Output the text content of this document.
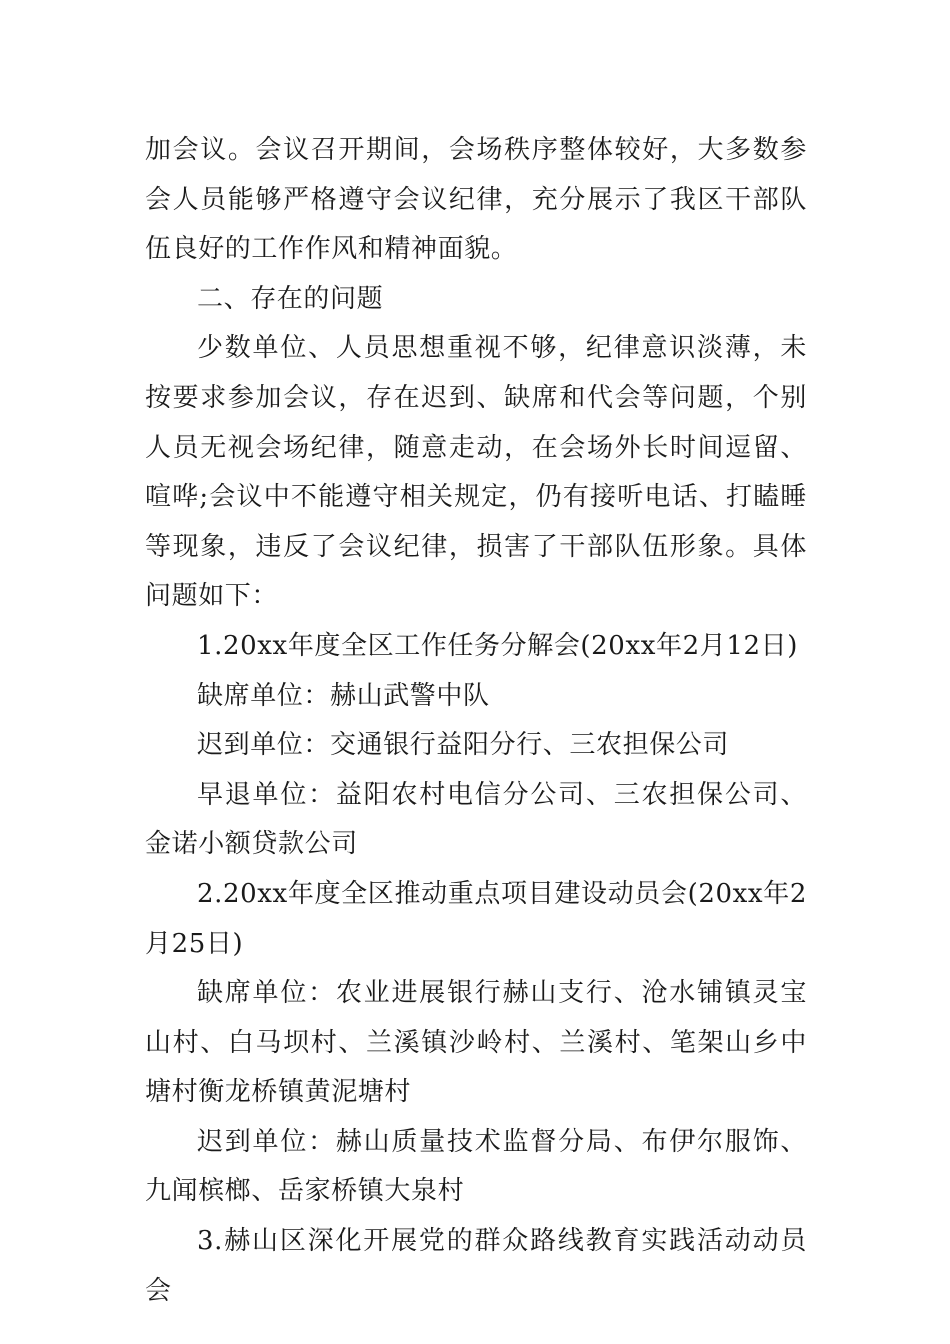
加会议。会议召开期间，会场秩序整体较好，大多数参会人员能够严格遵守会议纪律，充分展示了我区干部队伍良好的工作作风和精神面貌。

二、存在的问题

少数单位、人员思想重视不够，纪律意识淡薄，未按要求参加会议，存在迟到、缺席和代会等问题，个别人员无视会场纪律，随意走动，在会场外长时间逗留、喧哗;会议中不能遵守相关规定，仍有接听电话、打瞌睡等现象，违反了会议纪律，损害了干部队伍形象。具体问题如下：

1.20xx年度全区工作任务分解会(20xx年2月12日)

缺席单位：赫山武警中队

迟到单位：交通银行益阳分行、三农担保公司

早退单位：益阳农村电信分公司、三农担保公司、金诺小额贷款公司

2.20xx年度全区推动重点项目建设动员会(20xx年2月25日)

缺席单位：农业进展银行赫山支行、沧水铺镇灵宝山村、白马坝村、兰溪镇沙岭村、兰溪村、笔架山乡中塘村衡龙桥镇黄泥塘村

迟到单位：赫山质量技术监督分局、布伊尔服饰、九闻槟榔、岳家桥镇大泉村

3.赫山区深化开展党的群众路线教育实践活动动员会
